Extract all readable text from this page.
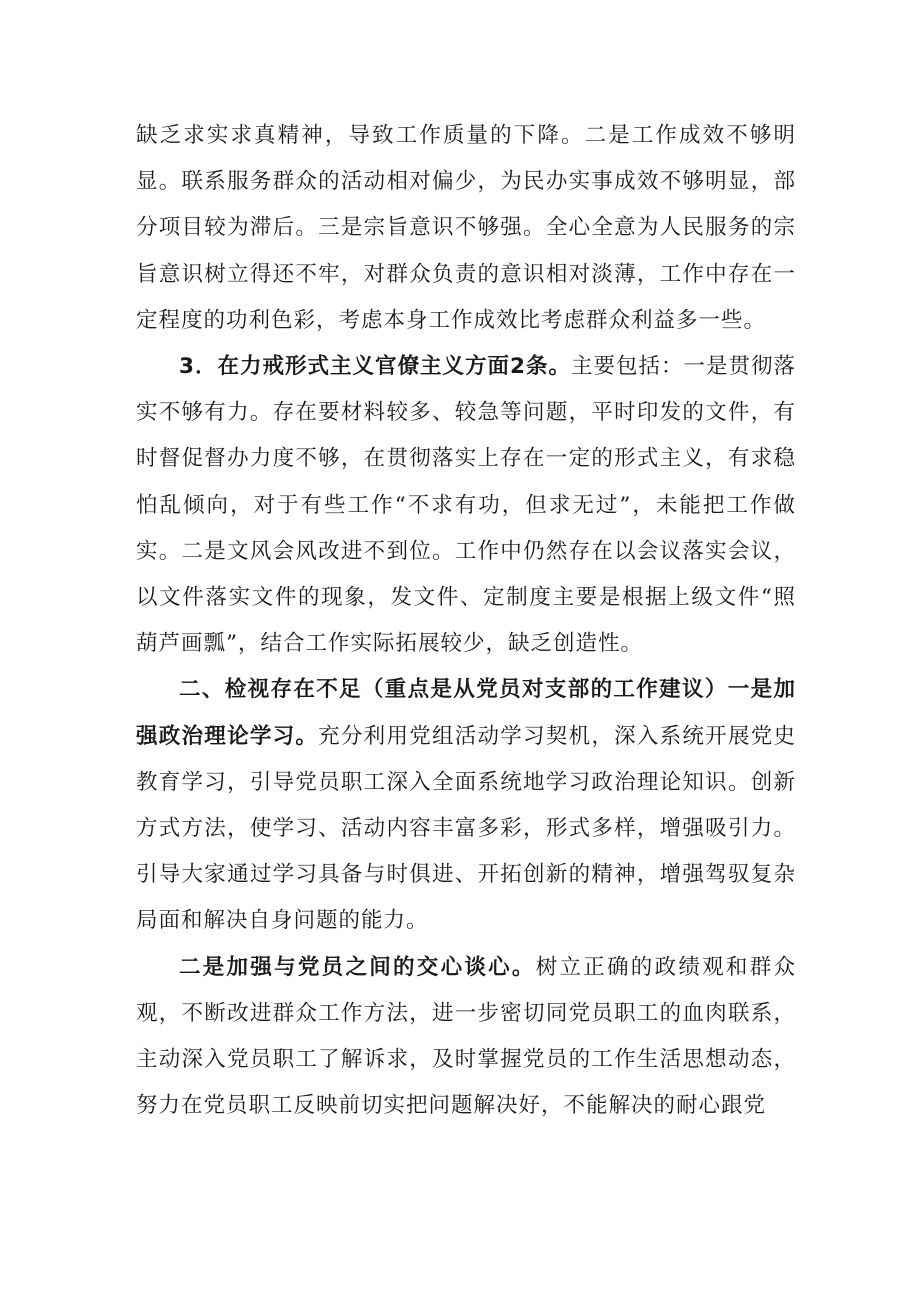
缺乏求实求真精神，导致工作质量的下降。二是工作成效不够明显。联系服务群众的活动相对偏少，为民办实事成效不够明显，部分项目较为滞后。三是宗旨意识不够强。全心全意为人民服务的宗旨意识树立得还不牢，对群众负责的意识相对淡薄，工作中存在一定程度的功利色彩，考虑本身工作成效比考虑群众利益多一些。

3．在力戒形式主义官僚主义方面2条。主要包括：一是贯彻落实不够有力。存在要材料较多、较急等问题，平时印发的文件，有时督促督办力度不够，在贯彻落实上存在一定的形式主义，有求稳怕乱倾向，对于有些工作“不求有功，但求无过”，未能把工作做实。二是文风会风改进不到位。工作中仍然存在以会议落实会议，以文件落实文件的现象，发文件、定制度主要是根据上级文件“照葫芦画瓢”，结合工作实际拓展较少，缺乏创造性。

二、检视存在不足（重点是从党员对支部的工作建议）一是加强政治理论学习。充分利用党组活动学习契机，深入系统开展党史教育学习，引导党员职工深入全面系统地学习政治理论知识。创新方式方法，使学习、活动内容丰富多彩，形式多样，增强吸引力。引导大家通过学习具备与时俱进、开拓创新的精神，增强驾驭复杂局面和解决自身问题的能力。

二是加强与党员之间的交心谈心。树立正确的政绩观和群众观，不断改进群众工作方法，进一步密切同党员职工的血肉联系，主动深入党员职工了解诉求，及时掌握党员的工作生活思想动态，努力在党员职工反映前切实把问题解决好，不能解决的耐心跟党
